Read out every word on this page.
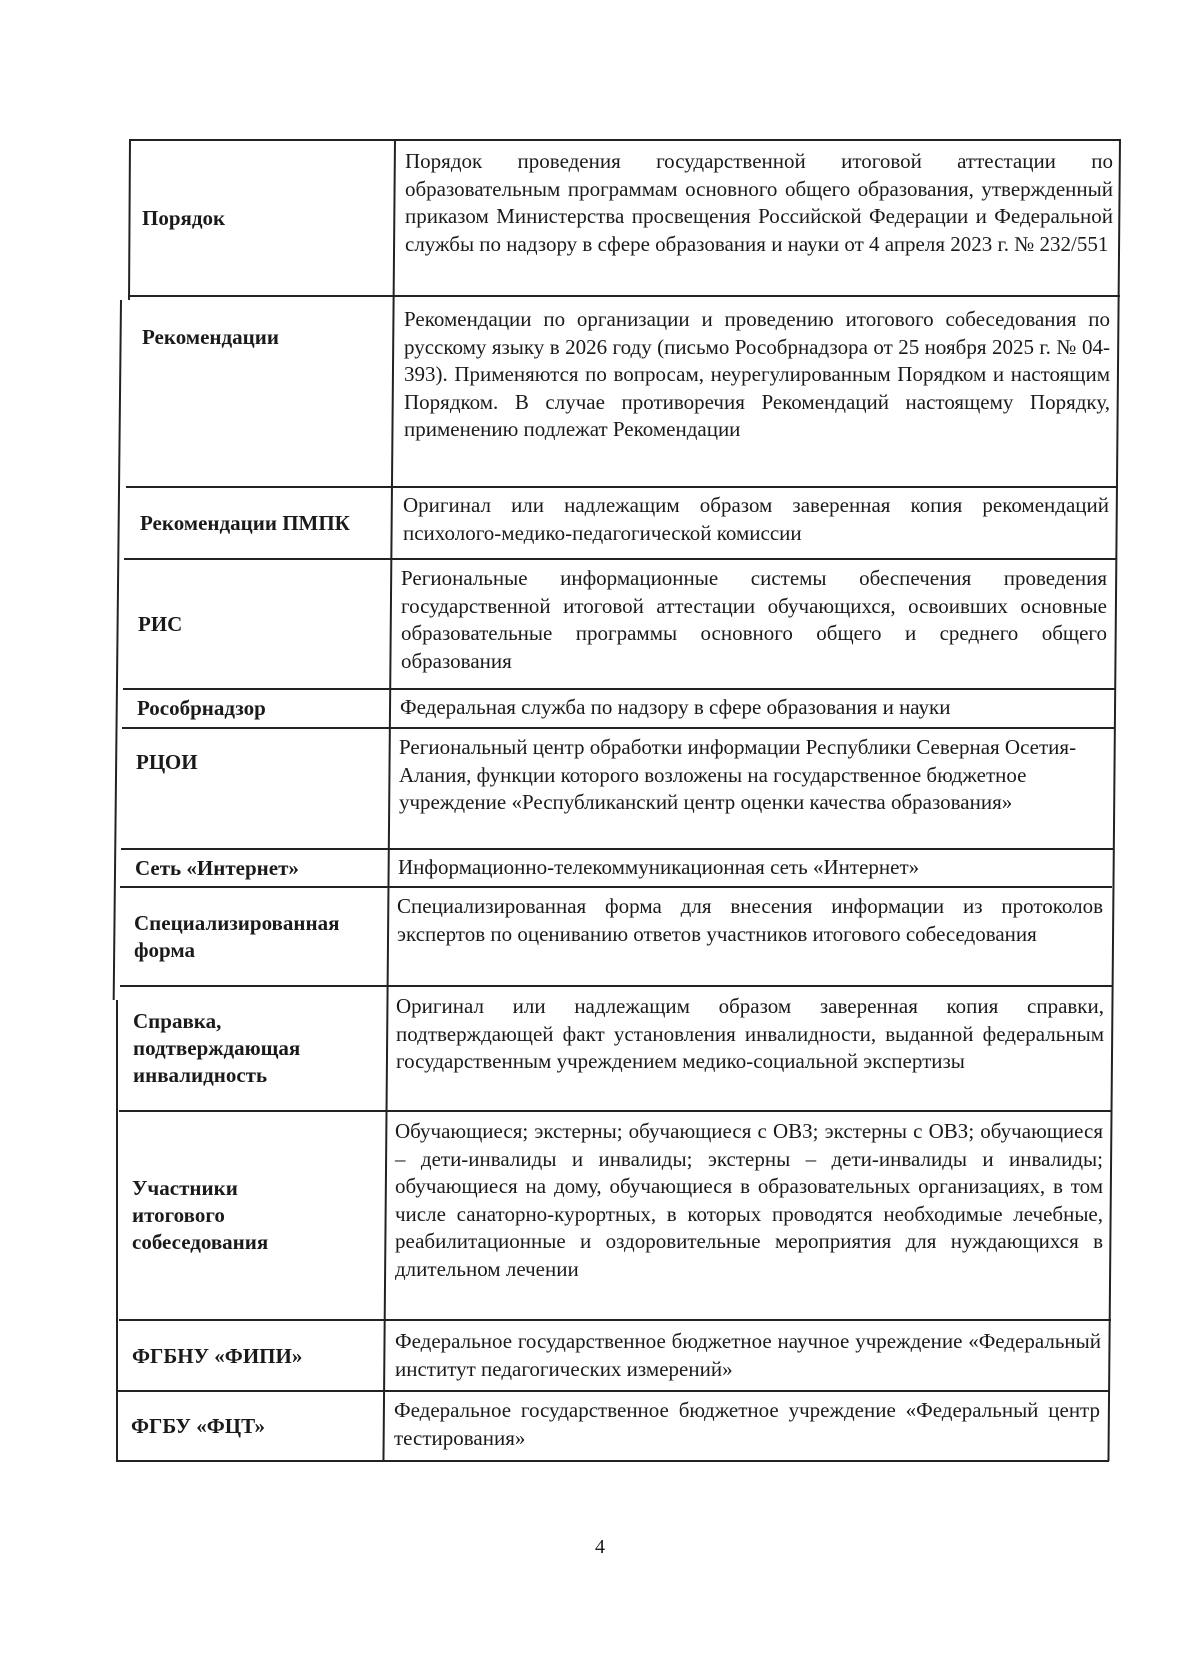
Порядок
Порядок проведения государственной итоговой аттестации по образовательным программам основного общего образования, утвержденный приказом Министерства просвещения Российской Федерации и Федеральной службы по надзору в сфере образования и науки от 4 апреля 2023 г. № 232/551
Рекомендации
Рекомендации по организации и проведению итогового собеседования по русскому языку в 2026 году (письмо Рособрнадзора от 25 ноября 2025 г. № 04-393). Применяются по вопросам, неурегулированным Порядком и настоящим Порядком. В случае противоречия Рекомендаций настоящему Порядку, применению подлежат Рекомендации
Рекомендации ПМПК
Оригинал или надлежащим образом заверенная копия рекомендаций психолого-медико-педагогической комиссии
РИС
Региональные информационные системы обеспечения проведения государственной итоговой аттестации обучающихся, освоивших основные образовательные программы основного общего и среднего общего образования
Рособрнадзор	Федеральная служба по надзору в сфере образования и науки
РЦОИ
Региональный центр обработки информации Республики Северная Осетия-Алания, функции которого возложены на государственное бюджетное учреждение «Республиканский центр оценки качества образования»
Сеть «Интернет»	Информационно-телекоммуникационная сеть «Интернет»
Специализированная форма
Специализированная форма для внесения информации из протоколов экспертов по оцениванию ответов участников итогового собеседования
Справка, подтверждающая инвалидность
Оригинал или надлежащим образом заверенная копия справки, подтверждающей факт установления инвалидности, выданной федеральным государственным учреждением медико-социальной экспертизы
Участники итогового собеседования
Обучающиеся; экстерны; обучающиеся с ОВЗ; экстерны с ОВЗ; обучающиеся – дети-инвалиды и инвалиды; экстерны – дети-инвалиды и инвалиды; обучающиеся на дому, обучающиеся в образовательных организациях, в том числе санаторно-курортных, в которых проводятся необходимые лечебные, реабилитационные и оздоровительные мероприятия для нуждающихся в длительном лечении
ФГБНУ «ФИПИ»
Федеральное государственное бюджетное научное учреждение «Федеральный институт педагогических измерений»
ФГБУ «ФЦТ»
Федеральное государственное бюджетное учреждение «Федеральный центр тестирования»
4
